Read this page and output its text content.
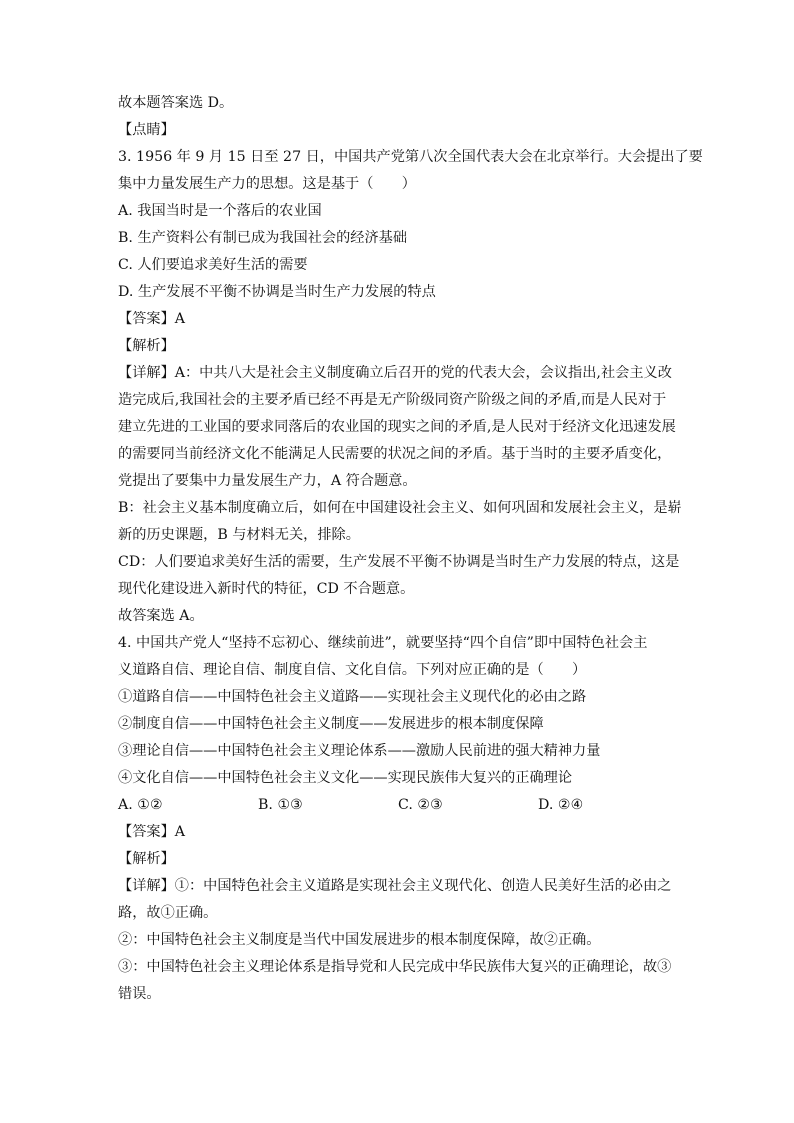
故本题答案选 D。
【点睛】
3. 1956 年 9 月 15 日至 27 日，中国共产党第八次全国代表大会在北京举行。大会提出了要
集中力量发展生产力的思想。这是基于（　　）
A. 我国当时是一个落后的农业国
B. 生产资料公有制已成为我国社会的经济基础
C. 人们要追求美好生活的需要
D. 生产发展不平衡不协调是当时生产力发展的特点
【答案】A
【解析】
【详解】A：中共八大是社会主义制度确立后召开的党的代表大会，会议指出,社会主义改
造完成后,我国社会的主要矛盾已经不再是无产阶级同资产阶级之间的矛盾,而是人民对于
建立先进的工业国的要求同落后的农业国的现实之间的矛盾,是人民对于经济文化迅速发展
的需要同当前经济文化不能满足人民需要的状况之间的矛盾。基于当时的主要矛盾变化，
党提出了要集中力量发展生产力，A 符合题意。
B：社会主义基本制度确立后，如何在中国建设社会主义、如何巩固和发展社会主义，是崭
新的历史课题，B 与材料无关，排除。
CD：人们要追求美好生活的需要，生产发展不平衡不协调是当时生产力发展的特点，这是
现代化建设进入新时代的特征，CD 不合题意。
故答案选 A。
4. 中国共产党人“坚持不忘初心、继续前进”，就要坚持“四个自信”即中国特色社会主
义道路自信、理论自信、制度自信、文化自信。下列对应正确的是（　　）
①道路自信——中国特色社会主义道路——实现社会主义现代化的必由之路
②制度自信——中国特色社会主义制度——发展进步的根本制度保障
③理论自信——中国特色社会主义理论体系——激励人民前进的强大精神力量
④文化自信——中国特色社会主义文化——实现民族伟大复兴的正确理论
A. ①②	B. ①③	C. ②③	D. ②④
【答案】A
【解析】
【详解】①：中国特色社会主义道路是实现社会主义现代化、创造人民美好生活的必由之
路，故①正确。
②：中国特色社会主义制度是当代中国发展进步的根本制度保障，故②正确。
③：中国特色社会主义理论体系是指导党和人民完成中华民族伟大复兴的正确理论，故③
错误。
